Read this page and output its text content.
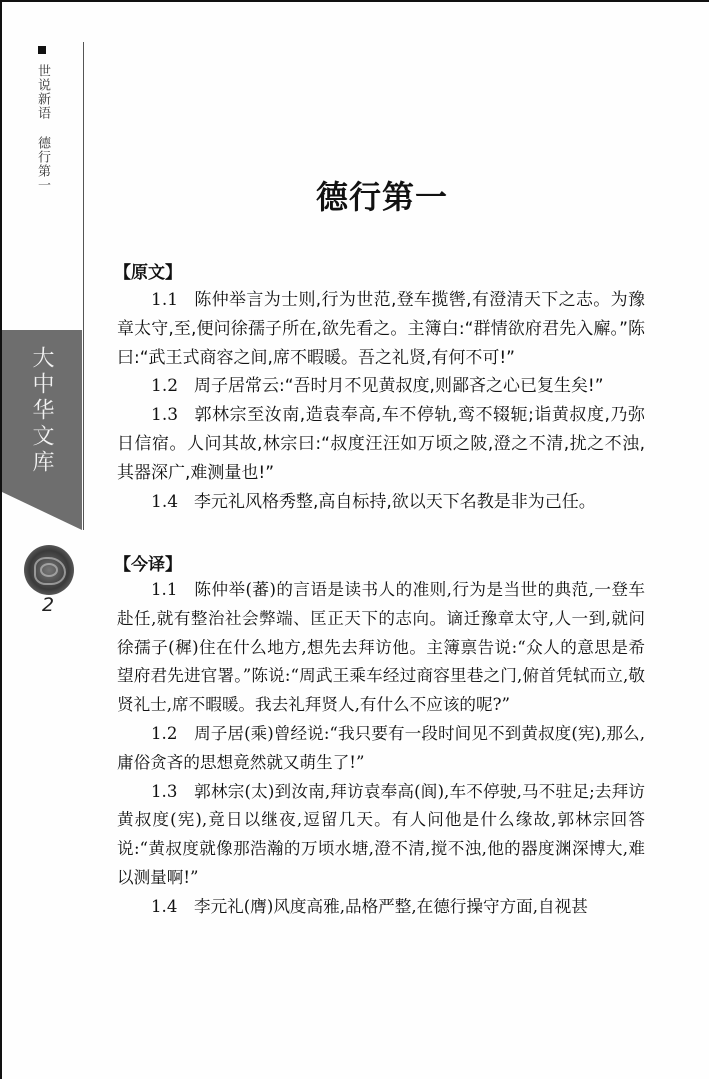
世说新语德行第一
大中华文库
2
德行第一
【原文】

1.1 陈仲举言为士则,行为世范,登车揽辔,有澄清天下之志。为豫章太守,至,便问徐孺子所在,欲先看之。主簿白:“群情欲府君先入廨。”陈曰:“武王式商容之间,席不暇暖。吾之礼贤,有何不可!”

1.2 周子居常云:“吾时月不见黄叔度,则鄙吝之心已复生矣!”

1.3 郭林宗至汝南,造袁奉高,车不停轨,鸾不辍轭;诣黄叔度,乃弥日信宿。人问其故,林宗曰:“叔度汪汪如万顷之陂,澄之不清,扰之不浊,其器深广,难测量也!”

1.4 李元礼风格秀整,高自标持,欲以天下名教是非为己任。

【今译】

1.1 陈仲举(蕃)的言语是读书人的准则,行为是当世的典范,一登车赴任,就有整治社会弊端、匡正天下的志向。谪迁豫章太守,人一到,就问徐孺子(穉)住在什么地方,想先去拜访他。主簿禀告说:“众人的意思是希望府君先进官署。”陈说:“周武王乘车经过商容里巷之门,俯首凭轼而立,敬贤礼士,席不暇暖。我去礼拜贤人,有什么不应该的呢?”

1.2 周子居(乘)曾经说:“我只要有一段时间见不到黄叔度(宪),那么,庸俗贪吝的思想竟然就又萌生了!”

1.3 郭林宗(太)到汝南,拜访袁奉高(阆),车不停驶,马不驻足;去拜访黄叔度(宪),竟日以继夜,逗留几天。有人问他是什么缘故,郭林宗回答说:“黄叔度就像那浩瀚的万顷水塘,澄不清,搅不浊,他的器度渊深博大,难以测量啊!”

1.4 李元礼(膺)风度高雅,品格严整,在德行操守方面,自视甚
